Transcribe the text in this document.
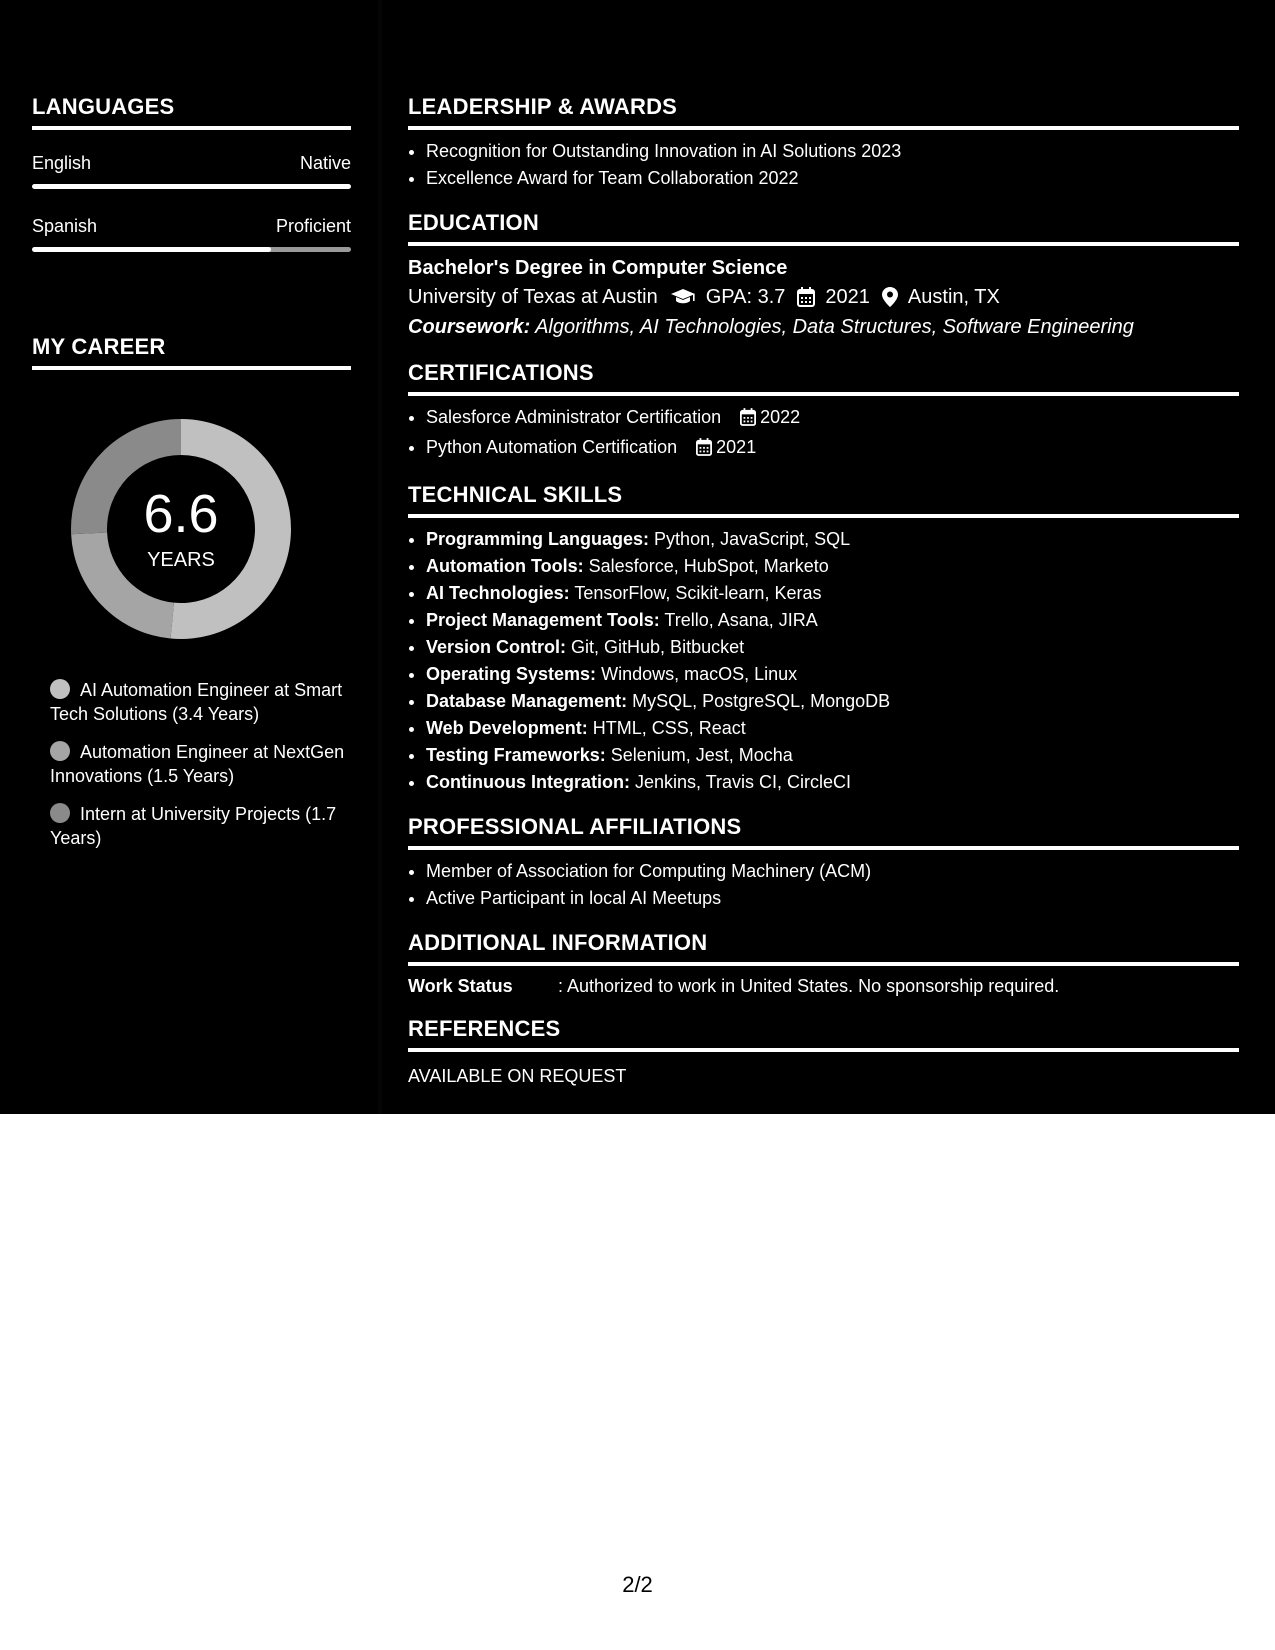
LANGUAGES
English	Native
Spanish	Proficient
MY CAREER
6.6
YEARS
AI Automation Engineer at Smart Tech Solutions (3.4 Years)
Automation Engineer at NextGen Innovations (1.5 Years)
Intern at University Projects (1.7 Years)
LEADERSHIP & AWARDS
• Recognition for Outstanding Innovation in AI Solutions 2023
• Excellence Award for Team Collaboration 2022
EDUCATION
Bachelor's Degree in Computer Science
University of Texas at Austin GPA: 3.7 2021 Austin, TX
Coursework: Algorithms, AI Technologies, Data Structures, Software Engineering
CERTIFICATIONS
• Salesforce Administrator Certification 2022
• Python Automation Certification 2021
TECHNICAL SKILLS
• Programming Languages: Python, JavaScript, SQL
• Automation Tools: Salesforce, HubSpot, Marketo
• AI Technologies: TensorFlow, Scikit-learn, Keras
• Project Management Tools: Trello, Asana, JIRA
• Version Control: Git, GitHub, Bitbucket
• Operating Systems: Windows, macOS, Linux
• Database Management: MySQL, PostgreSQL, MongoDB
• Web Development: HTML, CSS, React
• Testing Frameworks: Selenium, Jest, Mocha
• Continuous Integration: Jenkins, Travis CI, CircleCI
PROFESSIONAL AFFILIATIONS
• Member of Association for Computing Machinery (ACM)
• Active Participant in local AI Meetups
ADDITIONAL INFORMATION
Work Status	: Authorized to work in United States. No sponsorship required.
REFERENCES
AVAILABLE ON REQUEST
2/2
